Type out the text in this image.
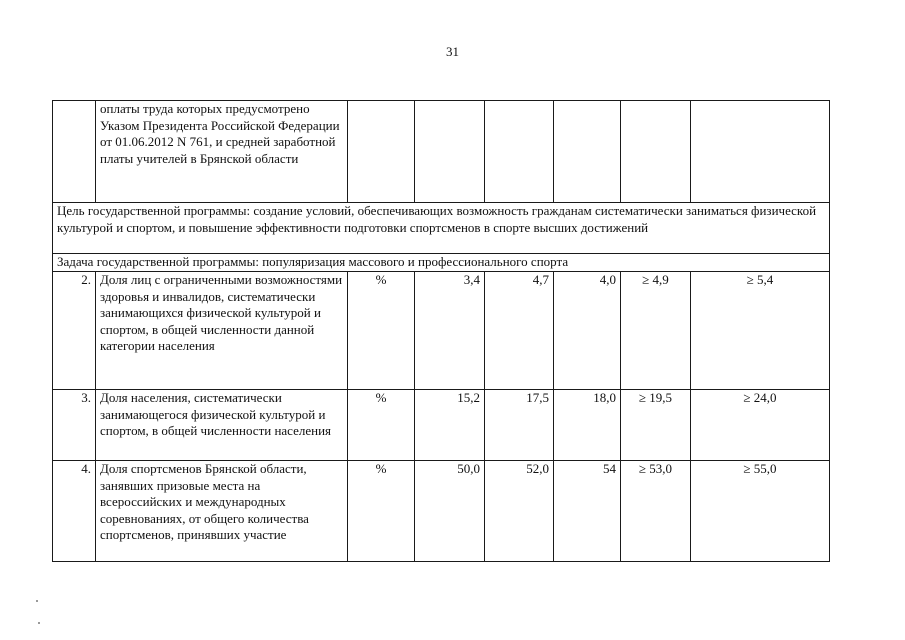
31
	оплаты труда которых предусмотрено Указом Президента Российской Федерации от 01.06.2012 N 761, и средней заработной платы учителей в Брянской области						
Цель государственной программы: создание условий, обеспечивающих возможность гражданам систематически заниматься физической культурой и спортом, и повышение эффективности подготовки спортсменов в спорте высших достижений							
Задача государственной программы: популяризация массового и профессионального спорта							
2.	Доля лиц с ограниченными возможностями здоровья и инвалидов, систематически занимающихся физической культурой и спортом, в общей численности данной категории населения	%	3,4	4,7	4,0	≥ 4,9	≥ 5,4
3.	Доля населения, систематически занимающегося физической культурой и спортом, в общей численности населения	%	15,2	17,5	18,0	≥ 19,5	≥ 24,0
4.	Доля спортсменов Брянской области, занявших призовые места на всероссийских и международных соревнованиях, от общего количества спортсменов, принявших участие	%	50,0	52,0	54	≥ 53,0	≥ 55,0
